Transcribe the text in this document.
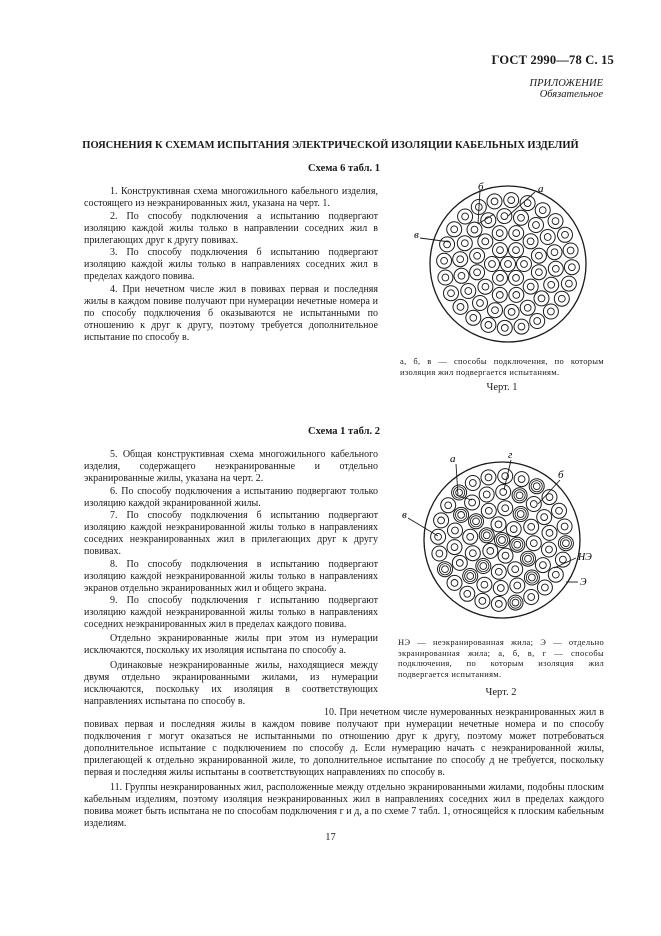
ГОСТ 2990—78 С. 15
ПРИЛОЖЕНИЕ
Обязательное
ПОЯСНЕНИЯ К СХЕМАМ ИСПЫТАНИЯ ЭЛЕКТРИЧЕСКОЙ ИЗОЛЯЦИИ КАБЕЛЬНЫХ ИЗДЕЛИЙ
Схема 6 табл. 1

1. Конструктивная схема многожильного кабельного изделия, состоящего из неэкранированных жил, указана на черт. 1.

2. По способу подключения а испытанию подвергают изоляцию каждой жилы только в направлении соседних жил в прилегающих друг к другу повивах.

3. По способу подключения б испытанию подвергают изоляцию каждой жилы только в направлениях соседних жил в пределах каждого повива.

4. При нечетном числе жил в повивах первая и последняя жилы в каждом повиве получают при нумерации нечетные номера и по способу подключения б оказываются не испытанными по отношению к друг к другу, поэтому требуется дополнительное испытание по способу в.

б	а
в
а, б, в — способы подключения, по которым изоляция жил подвергается испытаниям.
Черт. 1
Схема 1 табл. 2

5. Общая конструктивная схема многожильного кабельного изделия, содержащего неэкранированные и отдельно экранированные жилы, указана на черт. 2.

6. По способу подключения а испытанию подвергают только изоляцию каждой экранированной жилы.

7. По способу подключения б испытанию подвергают изоляцию каждой неэкранированной жилы только в направлениях соседних неэкранированных жил в прилегающих друг к другу повивах.

8. По способу подключения в испытанию подвергают изоляцию каждой неэкранированной жилы только в направлениях экранов отдельно экранированных жил и общего экрана.

9. По способу подключения г испытанию подвергают изоляцию каждой неэкранированной жилы только в направлениях соседних неэкранированных жил в пределах каждого повива.

Отдельно экранированные жилы при этом из нумерации исключаются, поскольку их изоляция испытана по способу а.

Одинаковые неэкранированные жилы, находящиеся между двумя отдельно экранированными жилами, из нумерации исключаются, поскольку их изоляция в соответствующих направлениях испытана по способу в.

а	г
б
в
НЭ
Э
НЭ — неэкранированная жила; Э — отдельно экранированная жила; а, б, в, г — способы подключения, по которым изоляция жил подвергается испытаниям.
Черт. 2

10. При нечетном числе нумерованных неэкранированных жил в повивах первая и последняя жилы в каждом повиве получают при нумерации нечетные номера и по способу подключения г могут оказаться не испытанными по отношению друг к другу, поэтому может потребоваться дополнительное испытание с подключением по способу д. Если нумерацию начать с неэкранированной жилы, прилегающей к отдельно экранированной жиле, то дополнительное испытание по способу д не требуется, поскольку первая и последняя жилы испытаны в соответствующих направлениях по способу в.

11. Группы неэкранированных жил, расположенные между отдельно экранированными жилами, подобны плоским кабельным изделиям, поэтому изоляция неэкранированных жил в направлениях соседних жил в пределах каждого повива может быть испытана не по способам подключения г и д, а по схеме 7 табл. 1, относящейся к плоским кабельным изделиям.

17
